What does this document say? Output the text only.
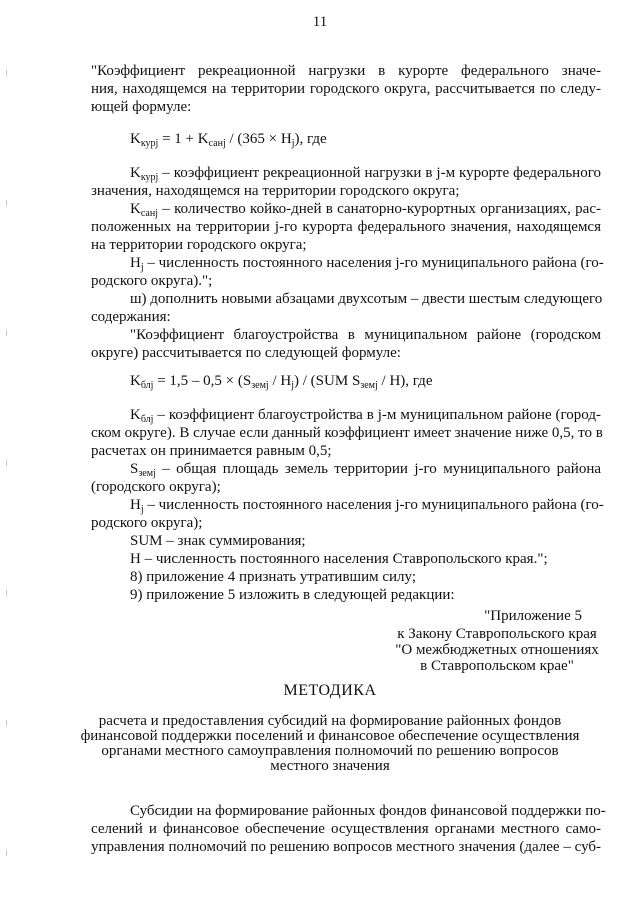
11
"Коэффициент рекреационной нагрузки в курорте федерального значе-
ния, находящемся на территории городского округа, рассчитывается по следу-
ющей формуле:
$K_{курj} = 1 + K_{санj} / (365 \times H_j)$, где
$K_{курj}$ – коэффициент рекреационной нагрузки в j-м курорте федерального
значения, находящемся на территории городского округа;
$K_{санj}$ – количество койко-дней в санаторно-курортных организациях, рас-
положенных на территории j-го курорта федерального значения, находящемся
на территории городского округа;
$H_j$ – численность постоянного населения j-го муниципального района (го-
родского округа).";
ш) дополнить новыми абзацами двухсотым – двести шестым следующего
содержания:
"Коэффициент благоустройства в муниципальном районе (городском
округе) рассчитывается по следующей формуле:
$K_{блj} = 1,5 - 0,5 \times (S_{земj} / H_j) / (SUM$ $S_{земj} / H$), где
$K_{блj}$ – коэффициент благоустройства в j-м муниципальном районе (город-
ском округе). В случае если данный коэффициент имеет значение ниже 0,5, то в
расчетах он принимается равным 0,5;
$S_{земj}$ – общая площадь земель территории j-го муниципального района
(городского округа);
$H_j$ – численность постоянного населения j-го муниципального района (го-
родского округа);
SUM – знак суммирования;
H – численность постоянного населения Ставропольского края.";
8) приложение 4 признать утратившим силу;
9) приложение 5 изложить в следующей редакции:
"Приложение 5
к Закону Ставропольского края
"О межбюджетных отношениях
в Ставропольском крае"
МЕТОДИКА
расчета и предоставления субсидий на формирование районных фондов
финансовой поддержки поселений и финансовое обеспечение осуществления
органами местного самоуправления полномочий по решению вопросов
местного значения
Субсидии на формирование районных фондов финансовой поддержки по-
селений и финансовое обеспечение осуществления органами местного само-
управления полномочий по решению вопросов местного значения (далее – суб-
